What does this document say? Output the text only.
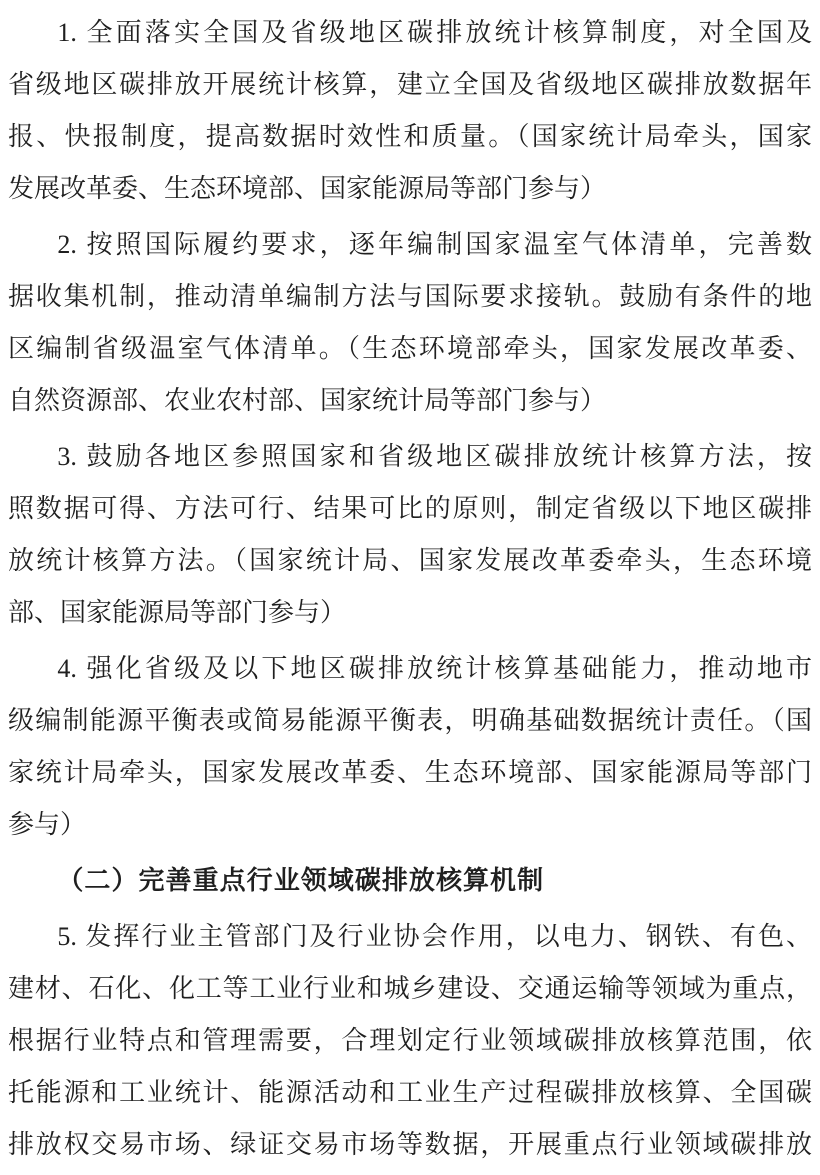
1. 全面落实全国及省级地区碳排放统计核算制度，对全国及
省级地区碳排放开展统计核算，建立全国及省级地区碳排放数据年
报、快报制度，提高数据时效性和质量。（国家统计局牵头，国家
发展改革委、生态环境部、国家能源局等部门参与）
2. 按照国际履约要求，逐年编制国家温室气体清单，完善数
据收集机制，推动清单编制方法与国际要求接轨。鼓励有条件的地
区编制省级温室气体清单。（生态环境部牵头，国家发展改革委、
自然资源部、农业农村部、国家统计局等部门参与）
3. 鼓励各地区参照国家和省级地区碳排放统计核算方法，按
照数据可得、方法可行、结果可比的原则，制定省级以下地区碳排
放统计核算方法。（国家统计局、国家发展改革委牵头，生态环境
部、国家能源局等部门参与）
4. 强化省级及以下地区碳排放统计核算基础能力，推动地市
级编制能源平衡表或简易能源平衡表，明确基础数据统计责任。（国
家统计局牵头，国家发展改革委、生态环境部、国家能源局等部门
参与）
（二）完善重点行业领域碳排放核算机制
5. 发挥行业主管部门及行业协会作用，以电力、钢铁、有色、
建材、石化、化工等工业行业和城乡建设、交通运输等领域为重点，
根据行业特点和管理需要，合理划定行业领域碳排放核算范围，依
托能源和工业统计、能源活动和工业生产过程碳排放核算、全国碳
排放权交易市场、绿证交易市场等数据，开展重点行业领域碳排放
